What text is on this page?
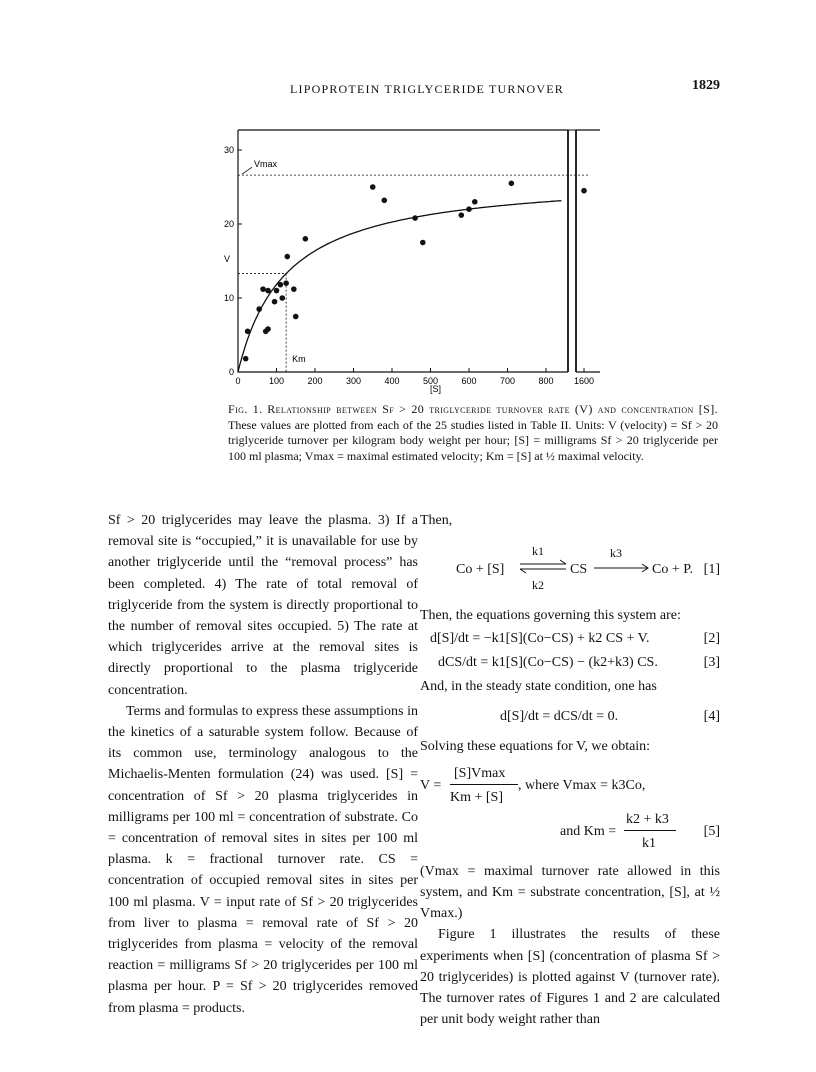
LIPOPROTEIN TRIGLYCERIDE TURNOVER	1829
0	100	200	300	400	500	600	700	800 1600
0
10
20
30
V
[S]
Vmax
Km
Fig. 1. Relationship between Sf > 20 triglyceride turnover rate (V) and concentration [S]. These values are plotted from each of the 25 studies listed in Table II. Units: V (velocity) = Sf > 20 triglyceride turnover per kilogram body weight per hour; [S] = milligrams Sf > 20 triglyceride per 100 ml plasma; Vmax = maximal estimated velocity; Km = [S] at ½ maximal velocity.

Sf > 20 triglycerides may leave the plasma. 3) If a removal site is “occupied,” it is unavailable for use by another triglyceride until the “removal process” has been completed. 4) The rate of total removal of triglyceride from the system is directly proportional to the number of removal sites occupied. 5) The rate at which triglycerides arrive at the removal sites is directly proportional to the plasma triglyceride concentration.

Terms and formulas to express these assumptions in the kinetics of a saturable system follow. Because of its common use, terminology analogous to the Michaelis-Menten formulation (24) was used. [S] = concentration of Sf > 20 plasma triglycerides in milligrams per 100 ml = concentration of substrate. Co = concentration of removal sites in sites per 100 ml plasma. k = fractional turnover rate. CS = concentration of occupied removal sites in sites per 100 ml plasma. V = input rate of Sf > 20 triglycerides from liver to plasma = removal rate of Sf > 20 triglycerides from plasma = velocity of the removal reaction = milligrams Sf > 20 triglycerides per 100 ml plasma per hour. P = Sf > 20 triglycerides removed from plasma = products.

Then,

Co + [S]
k1
k2
CS
k3
Co + P. [1]

Then, the equations governing this system are:

d[S]/dt = −k1[S](Co−CS) + k2 CS + V.	[2]
dCS/dt = k1[S](Co−CS) − (k2+k3) CS.	[3]

And, in the steady state condition, one has

d[S]/dt = dCS/dt = 0.	[4]

Solving these equations for V, we obtain:

V =
[S]Vmax
Km + [S]
, where Vmax = k3Co,
and Km =
k2 + k3
k1
[5]

(Vmax = maximal turnover rate allowed in this system, and Km = substrate concentration, [S], at ½ Vmax.)

Figure 1 illustrates the results of these experiments when [S] (concentration of plasma Sf > 20 triglycerides) is plotted against V (turnover rate). The turnover rates of Figures 1 and 2 are calculated per unit body weight rather than
